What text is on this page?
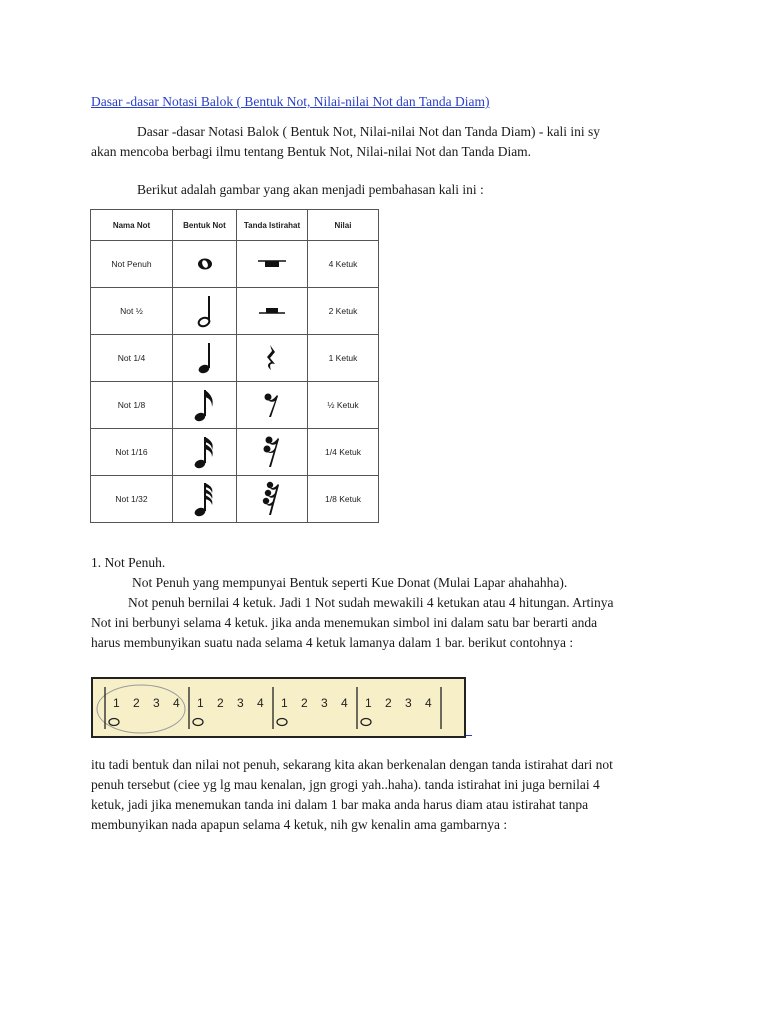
Dasar -dasar Notasi Balok ( Bentuk Not, Nilai-nilai Not dan Tanda Diam)
Dasar -dasar Notasi Balok ( Bentuk Not, Nilai-nilai Not dan Tanda Diam) - kali ini sy
akan mencoba berbagi ilmu tentang Bentuk Not, Nilai-nilai Not dan Tanda Diam.
Berikut adalah gambar yang akan menjadi pembahasan kali ini :
Nama Not	Bentuk Not	Tanda Istirahat	Nilai
Not Penuh			4 Ketuk
Not ½			2 Ketuk
Not 1/4			1 Ketuk
Not 1/8			½ Ketuk
Not 1/16			1/4 Ketuk
Not 1/32			1/8 Ketuk
1. Not Penuh.
Not Penuh yang mempunyai Bentuk seperti Kue Donat (Mulai Lapar ahahahha).
Not penuh bernilai 4 ketuk. Jadi 1 Not sudah mewakili 4 ketukan atau 4 hitungan. Artinya
Not ini berbunyi selama 4 ketuk. jika anda menemukan simbol ini dalam satu bar berarti anda
harus membunyikan suatu nada selama 4 ketuk lamanya dalam 1 bar. berikut contohnya :
1 2 3 4 1 2 3 4 1 2 3 4 1 2 3 4
itu tadi bentuk dan nilai not penuh, sekarang kita akan berkenalan dengan tanda istirahat dari not
penuh tersebut (ciee yg lg mau kenalan, jgn grogi yah..haha). tanda istirahat ini juga bernilai 4
ketuk, jadi jika menemukan tanda ini dalam 1 bar maka anda harus diam atau istirahat tanpa
membunyikan nada apapun selama 4 ketuk, nih gw kenalin ama gambarnya :
